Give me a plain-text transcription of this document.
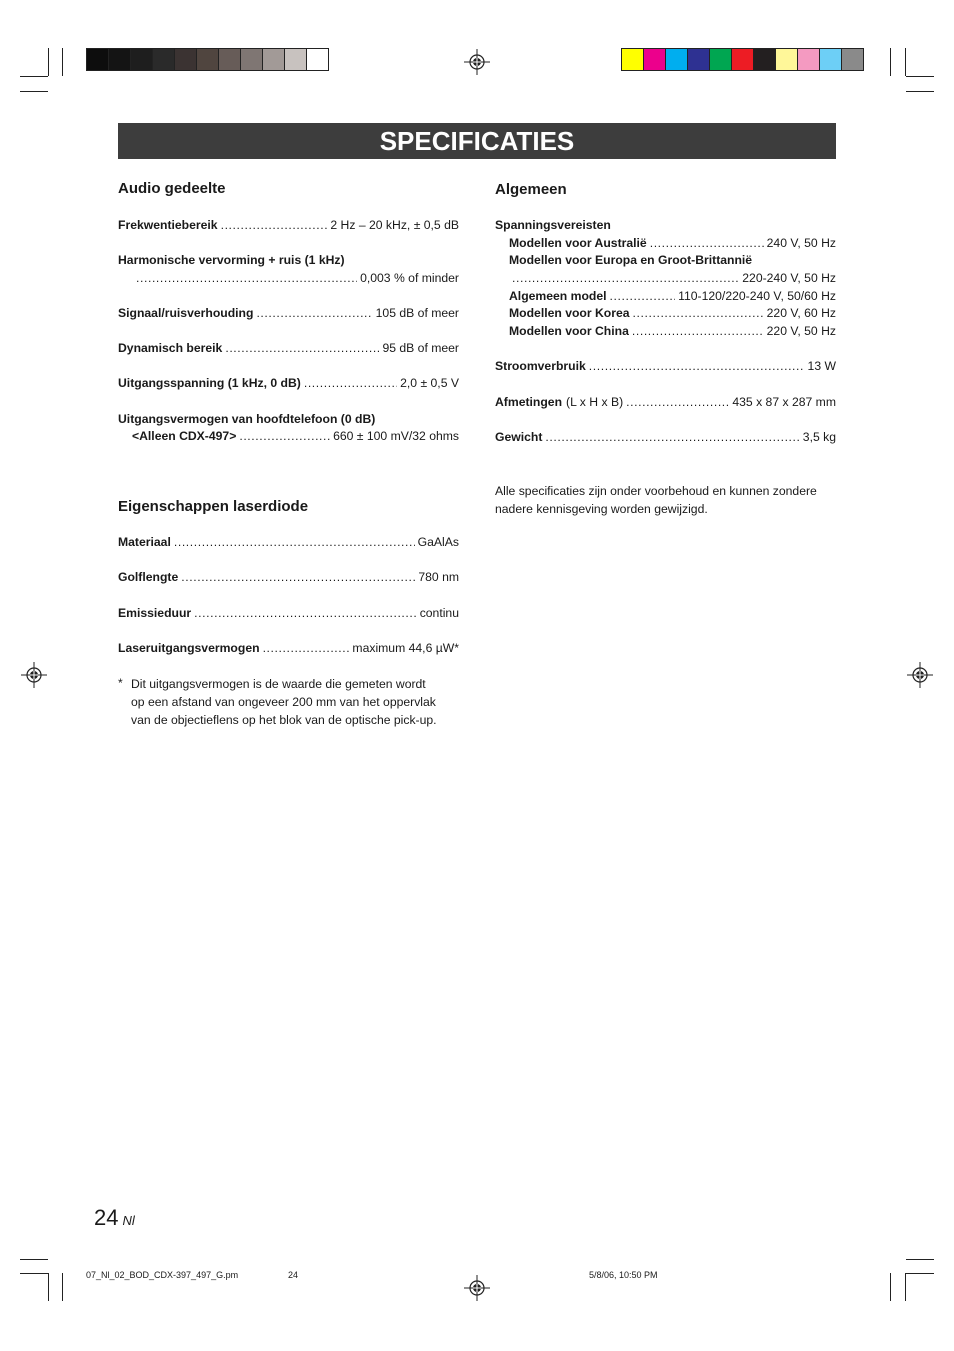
SPECIFICATIES
Audio gedeelte
Frekwentiebereik .....	2 Hz – 20 kHz, ± 0,5 dB
Harmonische vervorming + ruis (1 kHz)
.....
0,003 % of minder
Signaal/ruisverhouding .....	105 dB of meer
Dynamisch bereik .....	95 dB of meer
Uitgangsspanning (1 kHz, 0 dB) .....	2,0 ± 0,5 V
Uitgangsvermogen van hoofdtelefoon (0 dB)
<Alleen CDX-497> .....	660 ± 100 mV/32 ohms
Eigenschappen laserdiode
Materiaal .....	GaAlAs
Golflengte .....	780 nm
Emissieduur .....	continu
Laseruitgangsvermogen .....	maximum 44,6 µW*
* Dit uitgangsvermogen is de waarde die gemeten wordt
op een afstand van ongeveer 200 mm van het oppervlak
van de objectieflens op het blok van de optische pick-up.
Algemeen
Spanningsvereisten
Modellen voor Australië .....	240 V, 50 Hz
Modellen voor Europa en Groot-Brittannië
.....
220-240 V, 50 Hz
Algemeen model .....	110-120/220-240 V, 50/60 Hz
Modellen voor Korea .....	220 V, 60 Hz
Modellen voor China .....	220 V, 50 Hz
Stroomverbruik .....	13 W
Afmetingen (L x H x B) .....	435 x 87 x 287 mm
Gewicht .....	3,5 kg
Alle specificaties zijn onder voorbehoud en kunnen zondere
nadere kennisgeving worden gewijzigd.
24 Nl
07_Nl_02_BOD_CDX-397_497_G.pm	24	5/8/06, 10:50 PM
